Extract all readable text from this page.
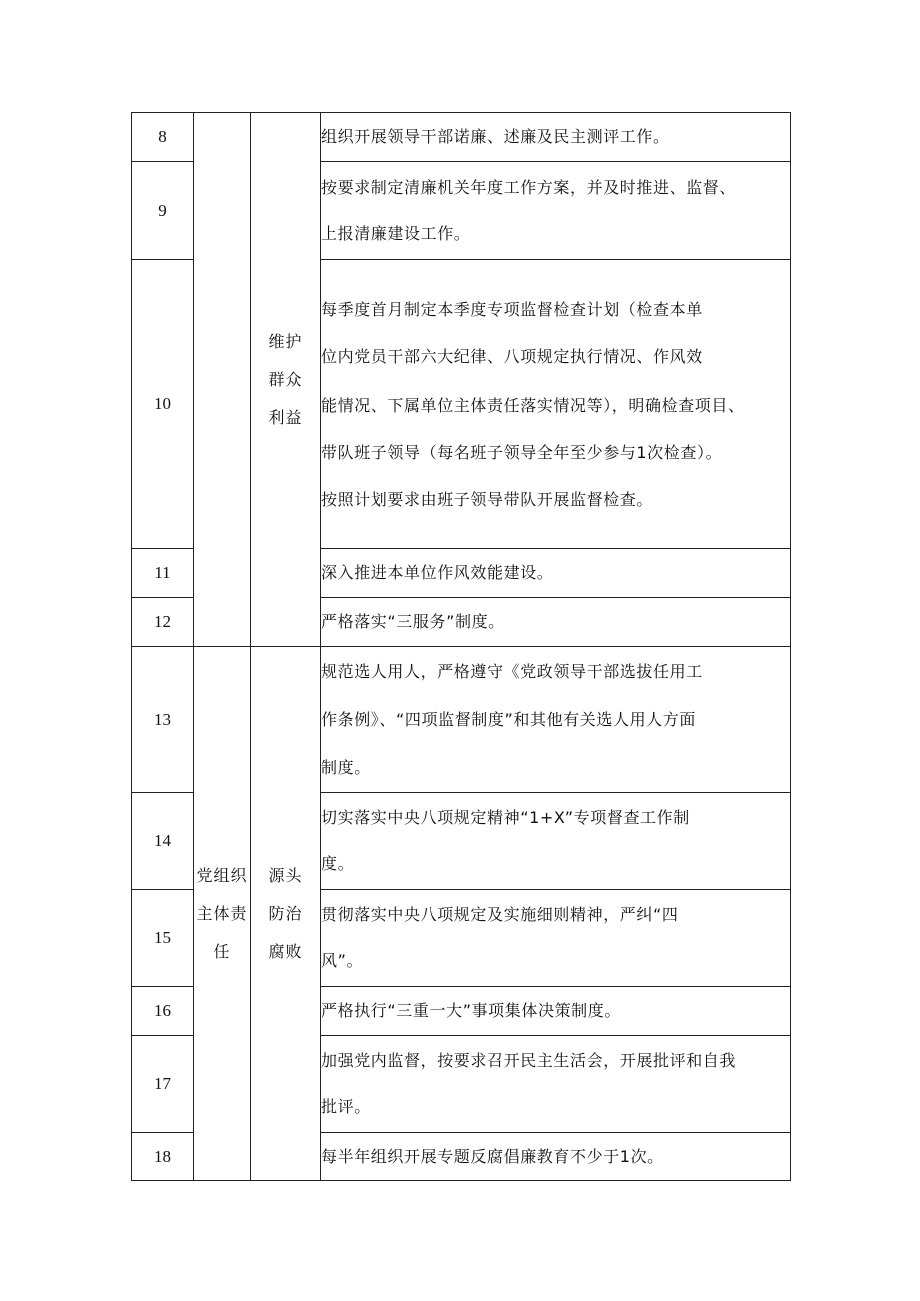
8		维护群众利益	组织开展领导干部诺廉、述廉及民主测评工作。

9			按要求制定清廉机关年度工作方案，并及时推进、监督、
上报清廉建设工作。

10			每季度首月制定本季度专项监督检查计划（检查本单
位内党员干部六大纪律、八项规定执行情况、作风效
能情况、下属单位主体责任落实情况等），明确检查项目、
带队班子领导（每名班子领导全年至少参与1次检查）。
按照计划要求由班子领导带队开展监督检查。

11			深入推进本单位作风效能建设。

12			严格落实“三服务”制度。

13	党组织主体责任	源头防治腐败	规范选人用人，严格遵守《党政领导干部选拔任用工
作条例》、“四项监督制度”和其他有关选人用人方面
制度。

14			切实落实中央八项规定精神“1+X”专项督查工作制
度。

15			贯彻落实中央八项规定及实施细则精神，严纠“四
风”。

16			严格执行“三重一大”事项集体决策制度。

17			加强党内监督，按要求召开民主生活会，开展批评和自我
批评。

18			每半年组织开展专题反腐倡廉教育不少于1次。
